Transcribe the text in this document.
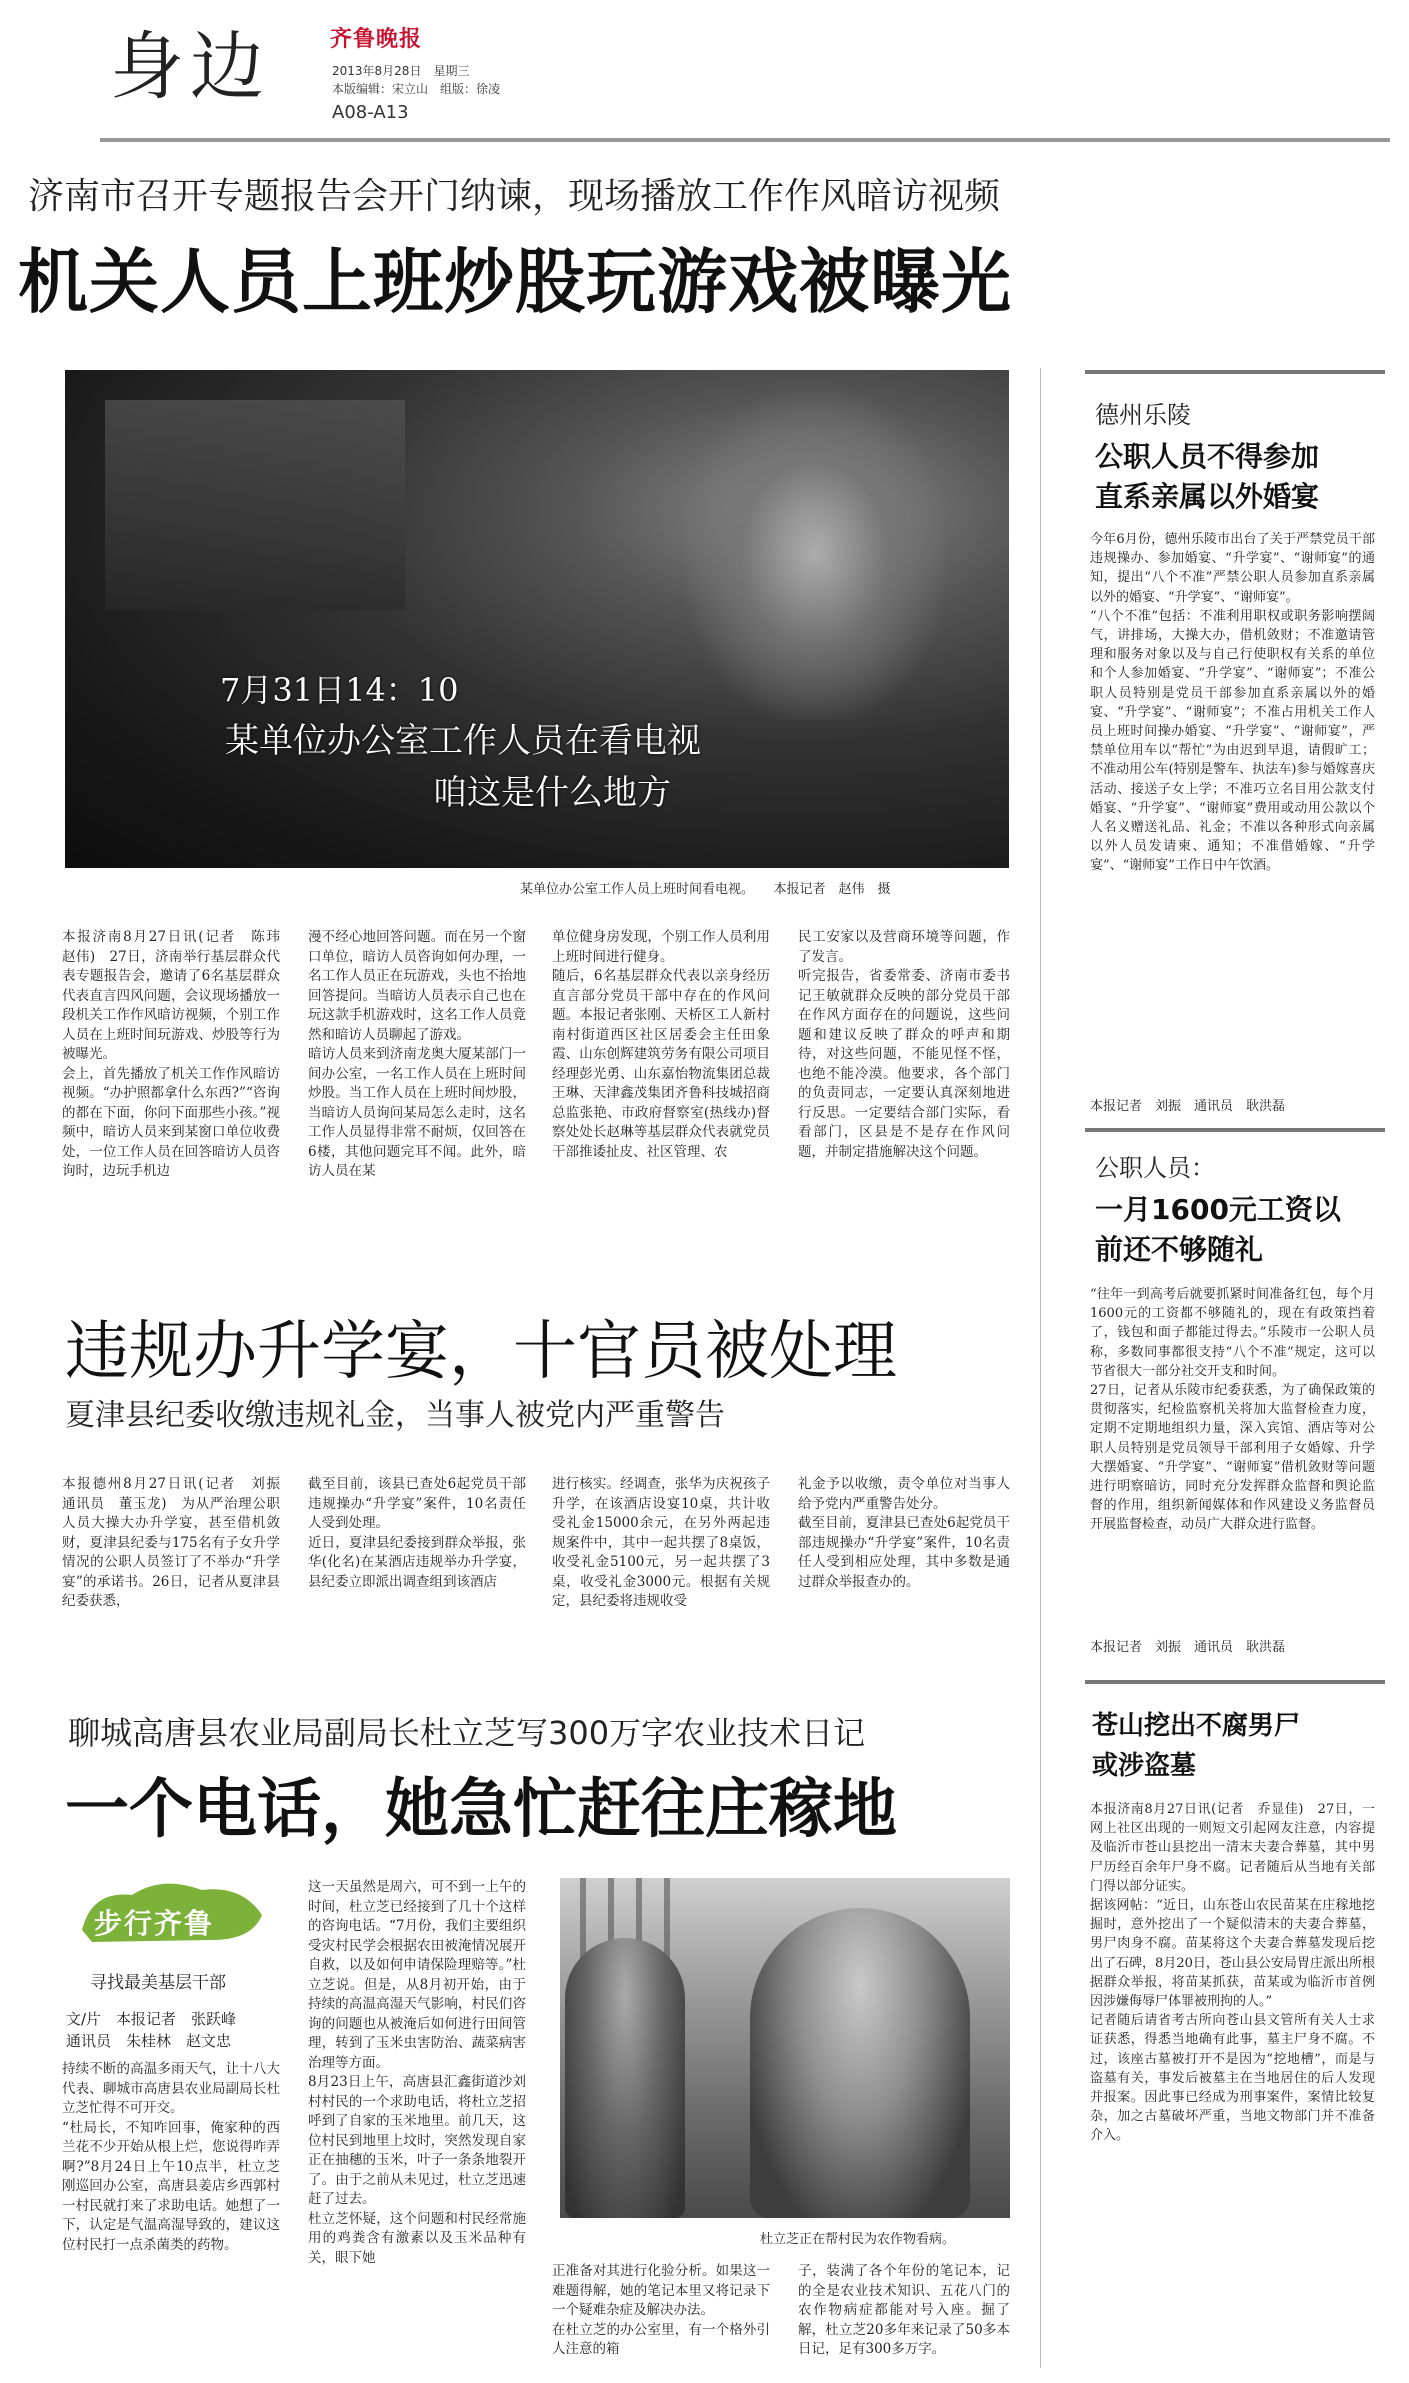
身边	齐鲁晚报
2013年8月28日　星期三
本版编辑：宋立山　组版：徐凌
A08-A13
济南市召开专题报告会开门纳谏，现场播放工作作风暗访视频
机关人员上班炒股玩游戏被曝光
7月31日14：10
某单位办公室工作人员在看电视
咱这是什么地方
某单位办公室工作人员上班时间看电视。　　本报记者　赵伟　摄
本报济南8月27日讯(记者　陈玮　赵伟)　27日，济南举行基层群众代表专题报告会，邀请了6名基层群众代表直言四风问题，会议现场播放一段机关工作作风暗访视频，个别工作人员在上班时间玩游戏、炒股等行为被曝光。
会上，首先播放了机关工作作风暗访视频。“办护照都拿什么东西?”“咨询的都在下面，你问下面那些小孩。”视频中，暗访人员来到某窗口单位收费处，一位工作人员在回答暗访人员咨询时，边玩手机边
漫不经心地回答问题。而在另一个窗口单位，暗访人员咨询如何办理，一名工作人员正在玩游戏，头也不抬地回答提问。当暗访人员表示自己也在玩这款手机游戏时，这名工作人员竟然和暗访人员聊起了游戏。
暗访人员来到济南龙奥大厦某部门一间办公室，一名工作人员在上班时间炒股。当工作人员在上班时间炒股，当暗访人员询问某局怎么走时，这名工作人员显得非常不耐烦，仅回答在6楼，其他问题完耳不闻。此外，暗访人员在某
单位健身房发现，个别工作人员利用上班时间进行健身。
随后，6名基层群众代表以亲身经历直言部分党员干部中存在的作风问题。本报记者张刚、天桥区工人新村南村街道西区社区居委会主任田象霞、山东创辉建筑劳务有限公司项目经理彭光勇、山东嘉怡物流集团总裁王琳、天津鑫茂集团齐鲁科技城招商总监张艳、市政府督察室(热线办)督察处处长赵琳等基层群众代表就党员干部推诿扯皮、社区管理、农
民工安家以及营商环境等问题，作了发言。
听完报告，省委常委、济南市委书记王敏就群众反映的部分党员干部在作风方面存在的问题说，这些问题和建议反映了群众的呼声和期待，对这些问题，不能见怪不怪，也绝不能冷漠。他要求，各个部门的负责同志，一定要认真深刻地进行反思。一定要结合部门实际，看看部门，区县是不是存在作风问题，并制定措施解决这个问题。
违规办升学宴，十官员被处理
夏津县纪委收缴违规礼金，当事人被党内严重警告
本报德州8月27日讯(记者　刘振　通讯员　董玉龙)　为从严治理公职人员大操大办升学宴，甚至借机敛财，夏津县纪委与175名有子女升学情况的公职人员签订了不举办“升学宴”的承诺书。26日，记者从夏津县纪委获悉，
截至目前，该县已查处6起党员干部违规操办“升学宴”案件，10名责任人受到处理。
近日，夏津县纪委接到群众举报，张华(化名)在某酒店违规举办升学宴，县纪委立即派出调查组到该酒店
进行核实。经调查，张华为庆祝孩子升学，在该酒店设宴10桌，共计收受礼金15000余元，在另外两起违规案件中，其中一起共摆了8桌饭，收受礼金5100元，另一起共摆了3桌，收受礼金3000元。根据有关规定，县纪委将违规收受
礼金予以收缴，责令单位对当事人给予党内严重警告处分。
截至目前，夏津县已查处6起党员干部违规操办“升学宴”案件，10名责任人受到相应处理，其中多数是通过群众举报查办的。
聊城高唐县农业局副局长杜立芝写300万字农业技术日记
一个电话，她急忙赶往庄稼地
步行齐鲁
寻找最美基层干部
文/片　本报记者　张跃峰
通讯员　朱桂林　赵文忠
持续不断的高温多雨天气，让十八大代表、聊城市高唐县农业局副局长杜立芝忙得不可开交。
“杜局长，不知咋回事，俺家种的西兰花不少开始从根上烂，您说得咋弄啊?”8月24日上午10点半，杜立芝刚巡回办公室，高唐县姜店乡西郭村一村民就打来了求助电话。她想了一下，认定是气温高湿导致的，建议这位村民打一点杀菌类的药物。
这一天虽然是周六，可不到一上午的时间，杜立芝已经接到了几十个这样的咨询电话。“7月份，我们主要组织受灾村民学会根据农田被淹情况展开自救，以及如何申请保险理赔等。”杜立芝说。但是，从8月初开始，由于持续的高温高湿天气影响，村民们咨询的问题也从被淹后如何进行田间管理，转到了玉米虫害防治、蔬菜病害治理等方面。
8月23日上午，高唐县汇鑫街道沙刘村村民的一个求助电话，将杜立芝招呼到了自家的玉米地里。前几天，这位村民到地里上坟时，突然发现自家正在抽穗的玉米，叶子一条条地裂开了。由于之前从未见过，杜立芝迅速赶了过去。
杜立芝怀疑，这个问题和村民经常施用的鸡粪含有激素以及玉米品种有关，眼下她
杜立芝正在帮村民为农作物看病。
正准备对其进行化验分析。如果这一难题得解，她的笔记本里又将记录下一个疑难杂症及解决办法。
在杜立芝的办公室里，有一个格外引人注意的箱
子，装满了各个年份的笔记本，记的全是农业技术知识、五花八门的农作物病症都能对号入座。掘了解，杜立芝20多年来记录了50多本日记，足有300多万字。
德州乐陵
公职人员不得参加
直系亲属以外婚宴
今年6月份，德州乐陵市出台了关于严禁党员干部违规操办、参加婚宴、“升学宴”、“谢师宴”的通知，提出“八个不准”严禁公职人员参加直系亲属以外的婚宴、“升学宴”、“谢师宴”。
“八个不准”包括：不准利用职权或职务影响摆阔气，讲排场，大操大办，借机敛财；不准邀请管理和服务对象以及与自己行使职权有关系的单位和个人参加婚宴、“升学宴”、“谢师宴”；不准公职人员特别是党员干部参加直系亲属以外的婚宴、“升学宴”、“谢师宴”；不准占用机关工作人员上班时间操办婚宴、“升学宴”、“谢师宴”，严禁单位用车以“帮忙”为由迟到早退，请假旷工；不准动用公车(特别是警车、执法车)参与婚嫁喜庆活动、接送子女上学；不准巧立名目用公款支付婚宴、“升学宴”、“谢师宴”费用或动用公款以个人名义赠送礼品、礼金；不准以各种形式向亲属以外人员发请柬、通知；不准借婚嫁、“升学宴”、“谢师宴”工作日中午饮酒。
本报记者　刘振　通讯员　耿洪磊
公职人员：
一月1600元工资以前还不够随礼
“往年一到高考后就要抓紧时间准备红包，每个月1600元的工资都不够随礼的，现在有政策挡着了，钱包和面子都能过得去。”乐陵市一公职人员称，多数同事都很支持“八个不准”规定，这可以节省很大一部分社交开支和时间。
27日，记者从乐陵市纪委获悉，为了确保政策的贯彻落实，纪检监察机关将加大监督检查力度，定期不定期地组织力量，深入宾馆、酒店等对公职人员特别是党员领导干部利用子女婚嫁、升学大摆婚宴、“升学宴”、“谢师宴”借机敛财等问题进行明察暗访，同时充分发挥群众监督和舆论监督的作用，组织新闻媒体和作风建设义务监督员开展监督检查，动员广大群众进行监督。
本报记者　刘振　通讯员　耿洪磊
苍山挖出不腐男尸
或涉盗墓
本报济南8月27日讯(记者　乔显佳)　27日，一网上社区出现的一则短文引起网友注意，内容提及临沂市苍山县挖出一清末夫妻合葬墓，其中男尸历经百余年尸身不腐。记者随后从当地有关部门得以部分证实。
据该网帖：“近日，山东苍山农民苗某在庄稼地挖掘时，意外挖出了一个疑似清末的夫妻合葬墓，男尸肉身不腐。苗某将这个夫妻合葬墓发现后挖出了石碑，8月20日，苍山县公安局胃庄派出所根据群众举报，将苗某抓获，苗某或为临沂市首例因涉嫌侮辱尸体罪被刑拘的人。”
记者随后请省考古所向苍山县文管所有关人士求证获悉，得悉当地确有此事，墓主尸身不腐。不过，该座古墓被打开不是因为“挖地槽”，而是与盗墓有关，事发后被墓主在当地居住的后人发现并报案。因此事已经成为刑事案件，案情比较复杂，加之古墓破坏严重，当地文物部门并不准备介入。
